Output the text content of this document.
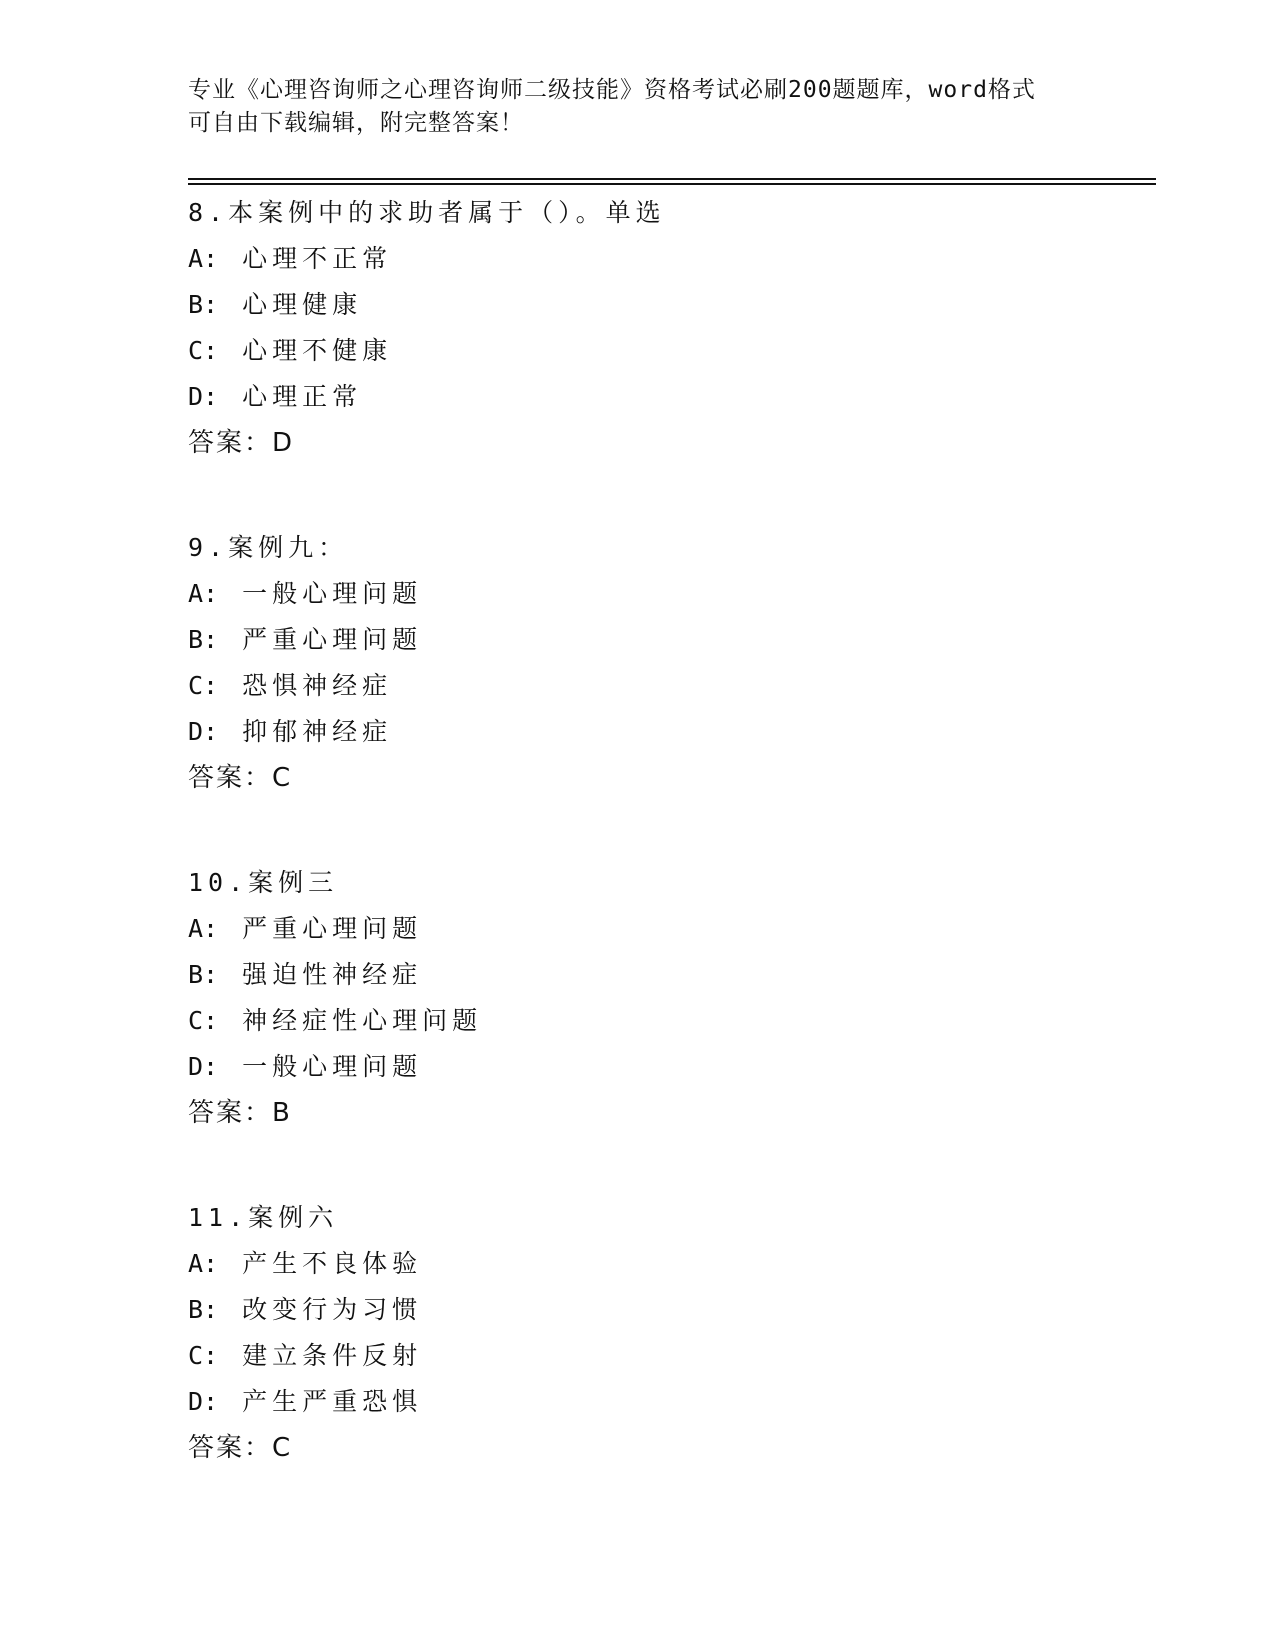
专业《心理咨询师之心理咨询师二级技能》资格考试必刷200题题库，word格式
可自由下载编辑，附完整答案！
8.本案例中的求助者属于（）。单选
A: 心理不正常
B: 心理健康
C: 心理不健康
D: 心理正常
答案：D
9.案例九：
A: 一般心理问题
B: 严重心理问题
C: 恐惧神经症
D: 抑郁神经症
答案：C
10.案例三
A: 严重心理问题
B: 强迫性神经症
C: 神经症性心理问题
D: 一般心理问题
答案：B
11.案例六
A: 产生不良体验
B: 改变行为习惯
C: 建立条件反射
D: 产生严重恐惧
答案：C
